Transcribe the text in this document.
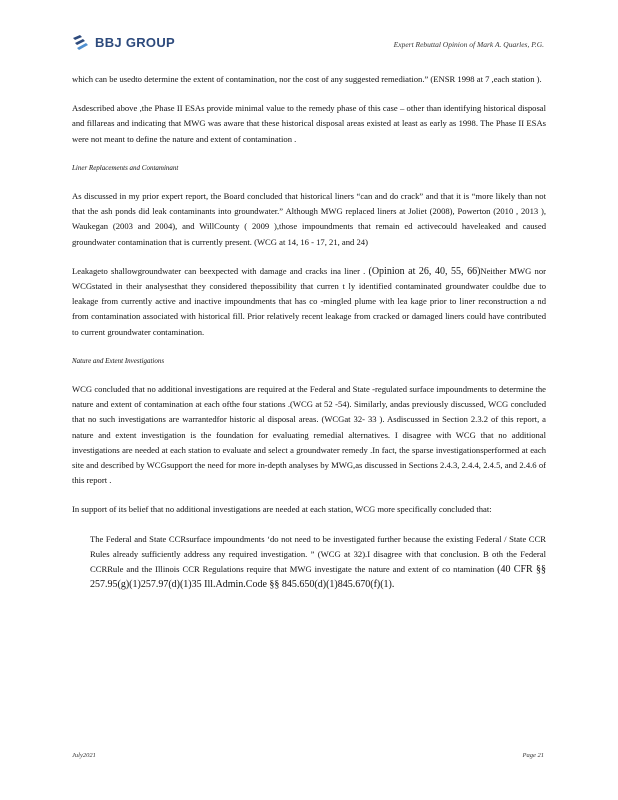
BBJ GROUP	Expert Rebuttal Opinion of Mark A. Quarles, P.G.

which can be usedto determine the extent of contamination, nor the cost of any suggested remediation.” (ENSR 1998 at 7 ,each station ).

Asdescribed above ,the Phase II ESAs provide minimal value to the remedy phase of this case – other than identifying historical disposal and fillareas and indicating that MWG was aware that these historical disposal areas existed at least as early as 1998. The Phase II ESAs were not meant to define the nature and extent of contamination .

Liner Replacements and Contaminant

As discussed in my prior expert report, the Board concluded that historical liners “can and do crack” and that it is “more likely than not that the ash ponds did leak contaminants into groundwater.” Although MWG replaced liners at Joliet (2008), Powerton (2010 , 2013 ), Waukegan (2003 and 2004), and WillCounty ( 2009 ),those impoundments that remain ed activecould haveleaked and caused groundwater contamination that is currently present. (WCG at 14, 16 - 17, 21, and 24)

Leakageto shallowgroundwater can beexpected with damage and cracks ina liner . (Opinion at 26, 40, 55, 66)Neither MWG nor WCGstated in their analysesthat they considered thepossibility that curren t ly identified contaminated groundwater couldbe due to leakage from currently active and inactive impoundments that has co -mingled plume with lea kage prior to liner reconstruction a nd from contamination associated with historical fill. Prior relatively recent leakage from cracked or damaged liners could have contributed to current groundwater contamination.

Nature and Extent Investigations

WCG concluded that no additional investigations are required at the Federal and State -regulated surface impoundments to determine the nature and extent of contamination at each ofthe four stations .(WCG at 52 -54). Similarly, andas previously discussed, WCG concluded that no such investigations are warrantedfor historic al disposal areas. (WCGat 32- 33 ). Asdiscussed in Section 2.3.2 of this report, a nature and extent investigation is the foundation for evaluating remedial alternatives. I disagree with WCG that no additional investigations are needed at each station to evaluate and select a groundwater remedy .In fact, the sparse investigationsperformed at each site and described by WCGsupport the need for more in-depth analyses by MWG,as discussed in Sections 2.4.3, 2.4.4, 2.4.5, and 2.4.6 of this report .

In support of its belief that no additional investigations are needed at each station, WCG more specifically concluded that:

The Federal and State CCRsurface impoundments ‘do not need to be investigated further because the existing Federal / State CCR Rules already sufficiently address any required investigation. ” (WCG at 32).I disagree with that conclusion. B oth the Federal CCRRule and the Illinois CCR Regulations require that MWG investigate the nature and extent of co ntamination (40 CFR §§ 257.95(g)(1)257.97(d)(1)35 Ill.Admin.Code §§ 845.650(d)(1)845.670(f)(1).
July2021	Page 21
